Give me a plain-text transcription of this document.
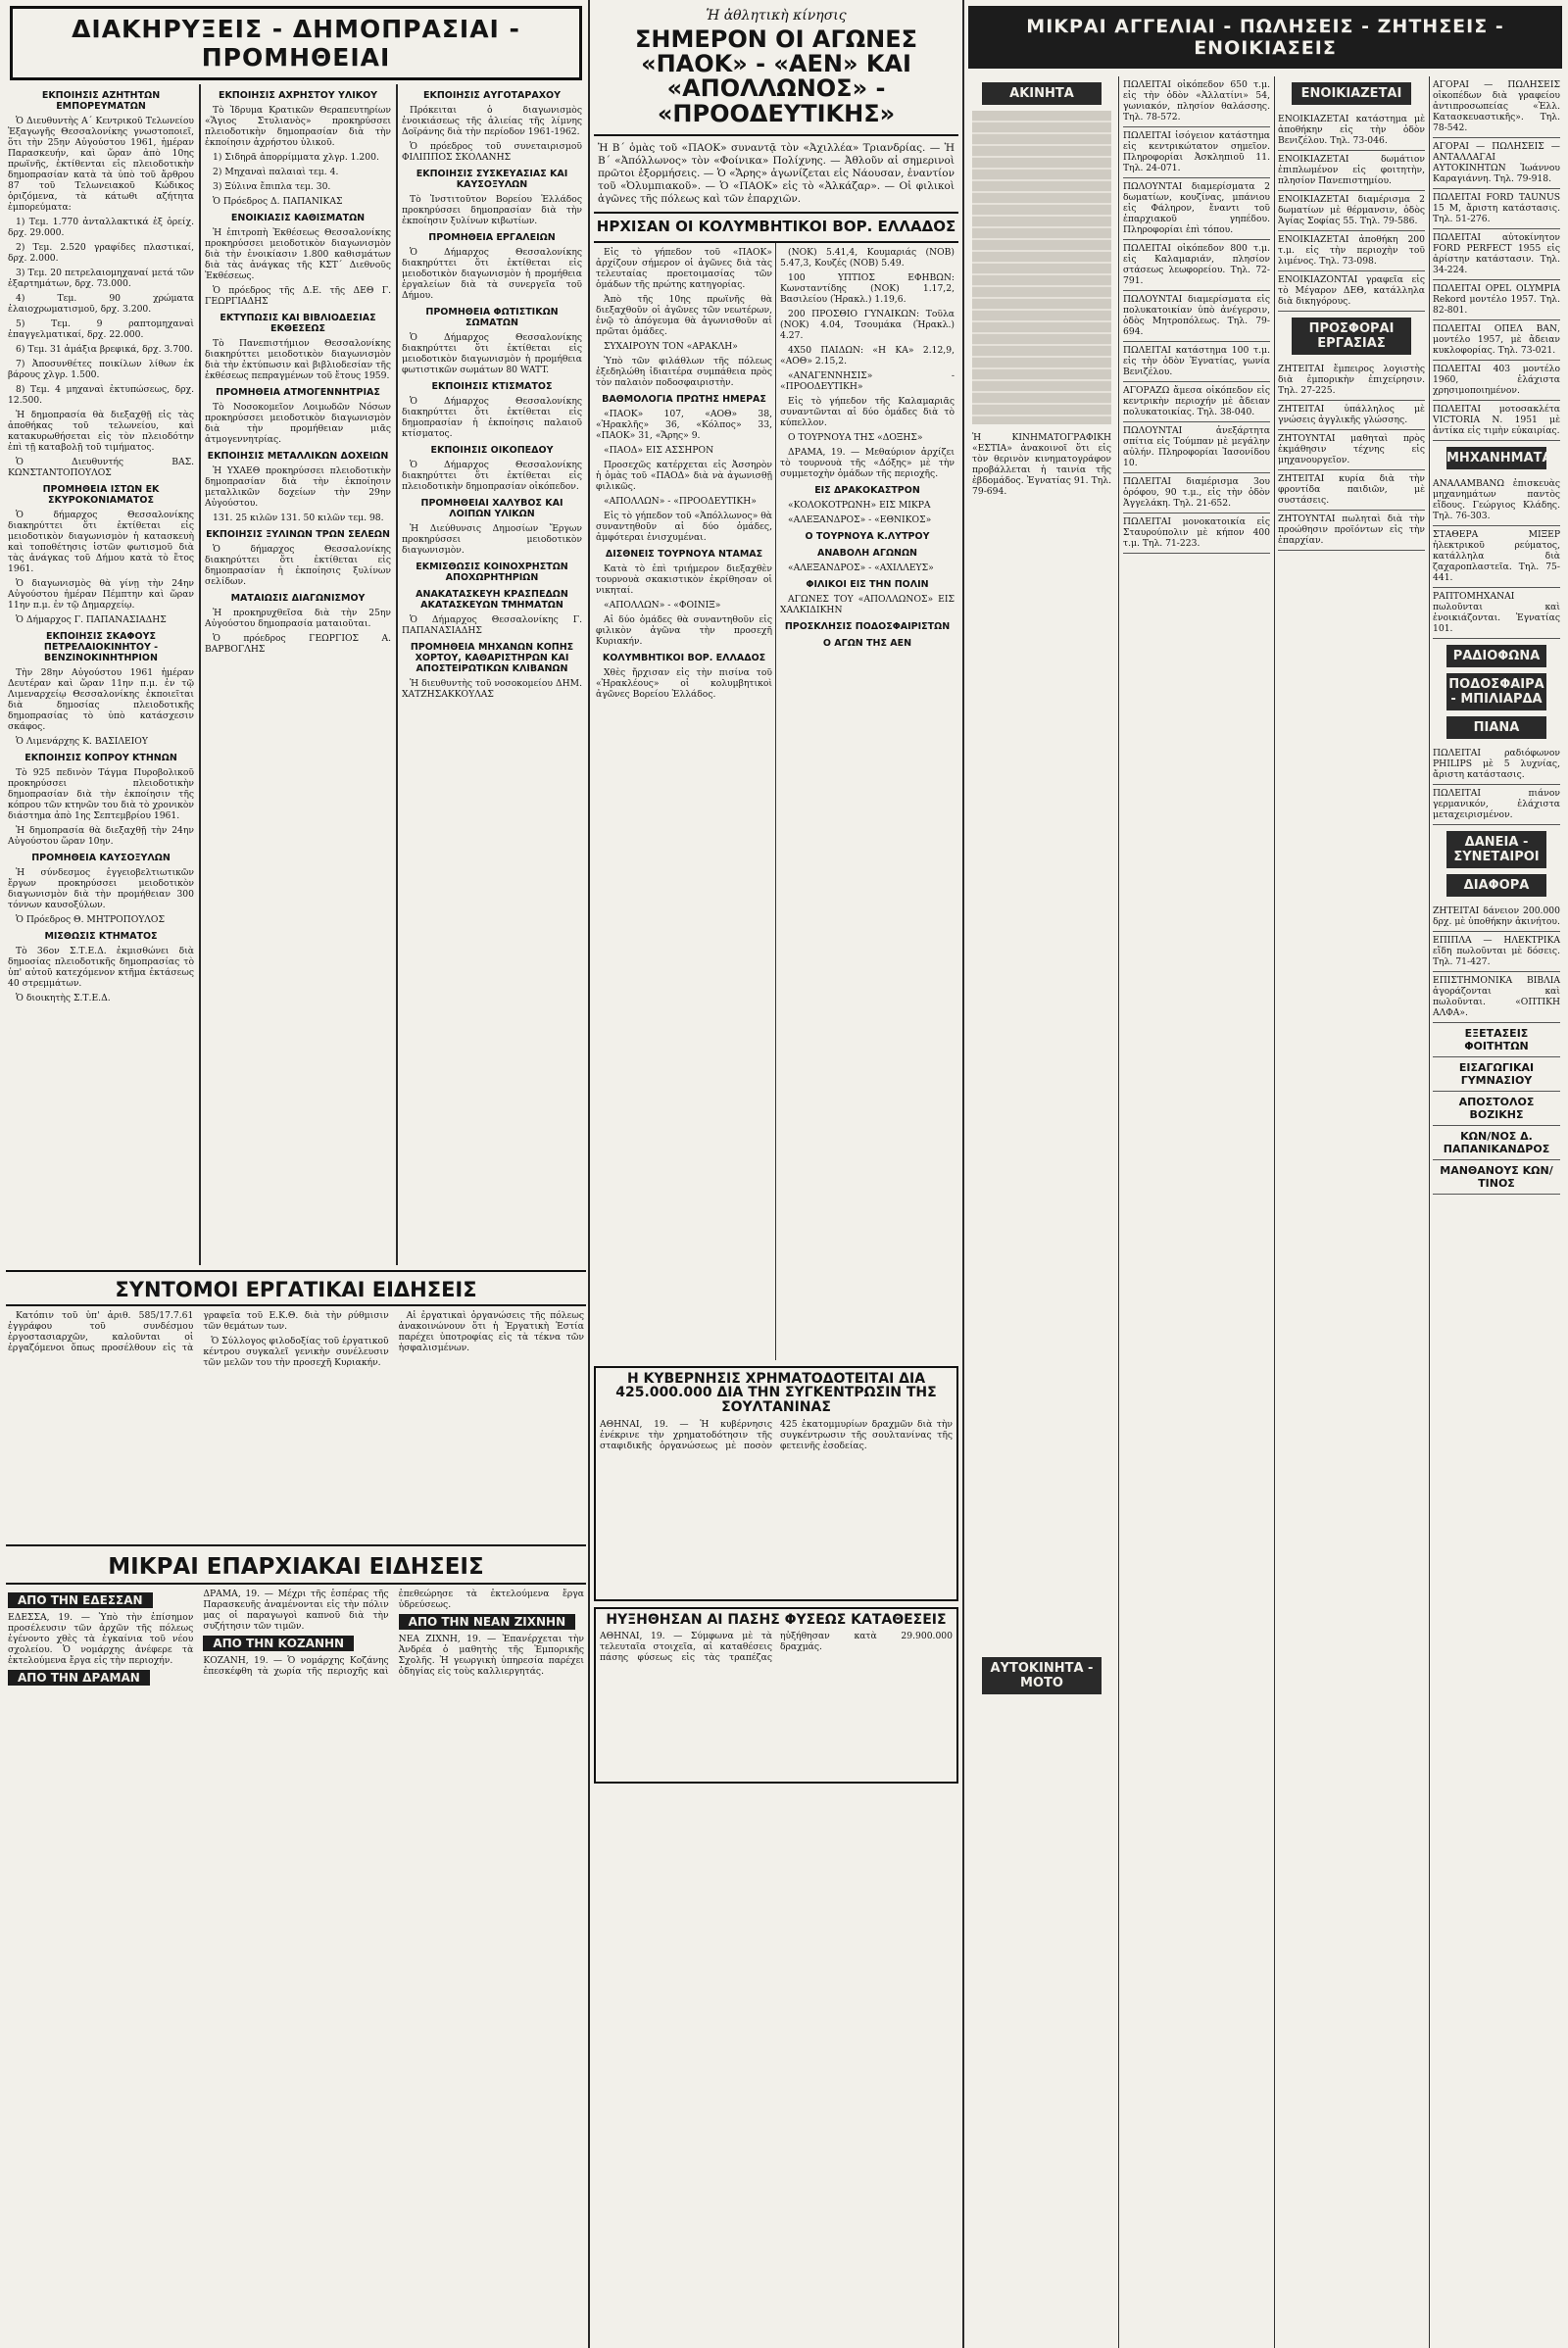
ΔΙΑΚΗΡΥΞΕΙΣ - ΔΗΜΟΠΡΑΣΙΑΙ - ΠΡΟΜΗΘΕΙΑΙ

ΕΚΠΟΙΗΣΙΣ ΑΖΗΤΗΤΩΝ ΕΜΠΟΡΕΥΜΑΤΩΝ

Ὁ Διευθυντὴς Α΄ Κεντρικοῦ Τελωνείου Ἐξαγωγῆς Θεσσαλονίκης γνωστοποιεῖ, ὅτι τὴν 25ην Αὐγούστου 1961, ἡμέραν Παρασκευήν, καὶ ὥραν ἀπὸ 10ης πρωϊνῆς, ἐκτίθενται εἰς πλειοδοτικὴν δημοπρασίαν κατὰ τὰ ὑπὸ τοῦ ἄρθρου 87 τοῦ Τελωνειακοῦ Κώδικος ὁριζόμενα, τὰ κάτωθι αζήτητα ἐμπορεύματα:

1) Τεμ. 1.770 ἀνταλλακτικά ἐξ ὀρείχ. δρχ. 29.000.

2) Τεμ. 2.520 γραφίδες πλαστικαί, δρχ. 2.000.

3) Τεμ. 20 πετρελαιομηχαναί μετά τῶν ἐξαρτημάτων, δρχ. 73.000.

4) Τεμ. 90 χρώματα ἐλαιοχρωματισμοῦ, δρχ. 3.200.

5) Τεμ. 9 ραπτομηχαναὶ ἐπαγγελματικαί, δρχ. 22.000.

6) Τεμ. 31 ἀμάξια βρεφικά, δρχ. 3.700.

7) Ἀποσυνθέτες ποικίλων λίθων ἐκ βάρους χλγρ. 1.500.

8) Τεμ. 4 μηχαναὶ ἐκτυπώσεως, δρχ. 12.500.

Ἡ δημοπρασία θὰ διεξαχθῇ εἰς τὰς ἀποθήκας τοῦ τελωνείου, καὶ κατακυρωθήσεται εἰς τὸν πλειοδότην ἐπὶ τῇ καταβολῇ τοῦ τιμήματος.

Ὁ Διευθυντής ΒΑΣ. ΚΩΝΣΤΑΝΤΟΠΟΥΛΟΣ

ΠΡΟΜΗΘΕΙΑ ΙΣΤΩΝ ΕΚ ΣΚΥΡΟΚΟΝΙΑΜΑΤΟΣ

Ὁ δήμαρχος Θεσσαλονίκης διακηρύττει ὅτι ἐκτίθεται εἰς μειοδοτικὸν διαγωνισμὸν ἡ κατασκευὴ καὶ τοποθέτησις ἱστῶν φωτισμοῦ διὰ τὰς ἀνάγκας τοῦ Δήμου κατὰ τὸ ἔτος 1961.

Ὁ διαγωνισμὸς θὰ γίνῃ τὴν 24ην Αὐγούστου ἡμέραν Πέμπτην καὶ ὥραν 11ην π.μ. ἐν τῷ Δημαρχείῳ.

Ὁ Δήμαρχος Γ. ΠΑΠΑΝΑΣΙΑΔΗΣ

ΕΚΠΟΙΗΣΙΣ ΣΚΑΦΟΥΣ ΠΕΤΡΕΛΑΙΟΚΙΝΗΤΟΥ - ΒΕΝΖΙΝΟΚΙΝΗΤΗΡΙΟΝ

Τὴν 28ην Αὐγούστου 1961 ἡμέραν Δευτέραν καὶ ὥραν 11ην π.μ. ἐν τῷ Λιμεναρχείῳ Θεσσαλονίκης ἐκποιεῖται διὰ δημοσίας πλειοδοτικῆς δημοπρασίας τὸ ὑπὸ κατάσχεσιν σκάφος.

Ὁ Λιμενάρχης Κ. ΒΑΣΙΛΕΙΟΥ

ΕΚΠΟΙΗΣΙΣ ΚΟΠΡΟΥ ΚΤΗΝΩΝ

Τὸ 925 πεδινὸν Τάγμα Πυροβολικοῦ προκηρύσσει πλειοδοτικὴν δημοπρασίαν διὰ τὴν ἐκποίησιν τῆς κόπρου τῶν κτηνῶν του διὰ τὸ χρονικὸν διάστημα ἀπὸ 1ης Σεπτεμβρίου 1961.

Ἡ δημοπρασία θὰ διεξαχθῇ τὴν 24ην Αὐγούστου ὥραν 10ην.

ΠΡΟΜΗΘΕΙΑ ΚΑΥΣΟΞΥΛΩΝ

Ἡ σύνδεσμος ἑγγειοβελτιωτικῶν ἔργων προκηρύσσει μειοδοτικὸν διαγωνισμὸν διὰ τὴν προμήθειαν 300 τόννων καυσοξύλων.

Ὁ Πρόεδρος Θ. ΜΗΤΡΟΠΟΥΛΟΣ

ΜΙΣΘΩΣΙΣ ΚΤΗΜΑΤΟΣ

Τὸ 36ον Σ.Τ.Ε.Δ. ἐκμισθώνει διὰ δημοσίας πλειοδοτικῆς δημοπρασίας τὸ ὑπ' αὐτοῦ κατεχόμενον κτῆμα ἐκτάσεως 40 στρεμμάτων.

Ὁ διοικητὴς Σ.Τ.Ε.Δ.

ΕΚΠΟΙΗΣΙΣ ΑΧΡΗΣΤΟΥ ΥΛΙΚΟΥ

Τὸ Ἰδρυμα Κρατικῶν Θεραπευτηρίων «Ἅγιος Στυλιανὸς» προκηρύσσει πλειοδοτικὴν δημοπρασίαν διὰ τὴν ἐκποίησιν ἀχρήστου ὑλικοῦ.

1) Σιδηρᾶ ἀπορρίμματα χλγρ. 1.200.

2) Μηχαναὶ παλαιαὶ τεμ. 4.

3) Ξύλινα ἔπιπλα τεμ. 30.

Ὁ Πρόεδρος Δ. ΠΑΠΑΝΙΚΑΣ

ΕΝΟΙΚΙΑΣΙΣ ΚΑΘΙΣΜΑΤΩΝ

Ἡ ἐπιτροπὴ Ἐκθέσεως Θεσσαλονίκης προκηρύσσει μειοδοτικὸν διαγωνισμὸν διὰ τὴν ἐνοικίασιν 1.800 καθισμάτων διὰ τὰς ἀνάγκας τῆς ΚΣΤ΄ Διεθνοῦς Ἐκθέσεως.

Ὁ πρόεδρος τῆς Δ.Ε. τῆς ΔΕΘ Γ. ΓΕΩΡΓΙΑΔΗΣ

ΕΚΤΥΠΩΣΙΣ ΚΑΙ ΒΙΒΛΙΟΔΕΣΙΑΣ ΕΚΘΕΣΕΩΣ

Τὸ Πανεπιστήμιον Θεσσαλονίκης διακηρύττει μειοδοτικὸν διαγωνισμὸν διὰ τὴν ἐκτύπωσιν καὶ βιβλιοδεσίαν τῆς ἐκθέσεως πεπραγμένων τοῦ ἔτους 1959.

ΠΡΟΜΗΘΕΙΑ ΑΤΜΟΓΕΝΝΗΤΡΙΑΣ

Τὸ Νοσοκομεῖον Λοιμωδῶν Νόσων προκηρύσσει μειοδοτικὸν διαγωνισμὸν διὰ τὴν προμήθειαν μιᾶς ἀτμογεννητρίας.

ΕΚΠΟΙΗΣΙΣ ΜΕΤΑΛΛΙΚΩΝ ΔΟΧΕΙΩΝ

Ἡ ΥΧΑΕΘ προκηρύσσει πλειοδοτικὴν δημοπρασίαν διὰ τὴν ἐκποίησιν μεταλλικῶν δοχείων τὴν 29ην Αὐγούστου.

131. 25 κιλῶν 131. 50 κιλῶν τεμ. 98.

ΕΚΠΟΙΗΣΙΣ ΞΥΛΙΝΩΝ ΤΡΩΝ ΣΕΛΕΩΝ

Ὁ δήμαρχος Θεσσαλονίκης διακηρύττει ὅτι ἐκτίθεται εἰς δημοπρασίαν ἡ ἐκποίησις ξυλίνων σελίδων.

ΜΑΤΑΙΩΣΙΣ ΔΙΑΓΩΝΙΣΜΟΥ

Ἡ προκηρυχθεῖσα διὰ τὴν 25ην Αὐγούστου δημοπρασία ματαιοῦται.

Ὁ πρόεδρος ΓΕΩΡΓΙΟΣ Α. ΒΑΡΒΟΓΛΗΣ

ΕΚΠΟΙΗΣΙΣ ΑΥΓΟΤΑΡΑΧΟΥ

Πρόκειται ὁ διαγωνισμὸς ἐνοικιάσεως τῆς ἀλιείας τῆς λίμνης Δοϊράνης διὰ τὴν περίοδον 1961-1962.

Ὁ πρόεδρος τοῦ συνεταιρισμοῦ ΦΙΛΙΠΠΟΣ ΣΚΟΛΑΝΗΣ

ΕΚΠΟΙΗΣΙΣ ΣΥΣΚΕΥΑΣΙΑΣ ΚΑΙ ΚΑΥΣΟΞΥΛΩΝ

Τὸ Ἰνστιτοῦτον Βορείου Ἑλλάδος προκηρύσσει δημοπρασίαν διὰ τὴν ἐκποίησιν ξυλίνων κιβωτίων.

ΠΡΟΜΗΘΕΙΑ ΕΡΓΑΛΕΙΩΝ

Ὁ Δήμαρχος Θεσσαλονίκης διακηρύττει ὅτι ἐκτίθεται εἰς μειοδοτικὸν διαγωνισμὸν ἡ προμήθεια ἐργαλείων διὰ τὰ συνεργεῖα τοῦ Δήμου.

ΠΡΟΜΗΘΕΙΑ ΦΩΤΙΣΤΙΚΩΝ ΣΩΜΑΤΩΝ

Ὁ Δήμαρχος Θεσσαλονίκης διακηρύττει ὅτι ἐκτίθεται εἰς μειοδοτικὸν διαγωνισμὸν ἡ προμήθεια φωτιστικῶν σωμάτων 80 WATT.

ΕΚΠΟΙΗΣΙΣ ΚΤΙΣΜΑΤΟΣ

Ὁ Δήμαρχος Θεσσαλονίκης διακηρύττει ὅτι ἐκτίθεται εἰς δημοπρασίαν ἡ ἐκποίησις παλαιοῦ κτίσματος.

ΕΚΠΟΙΗΣΙΣ ΟΙΚΟΠΕΔΟΥ

Ὁ Δήμαρχος Θεσσαλονίκης διακηρύττει ὅτι ἐκτίθεται εἰς πλειοδοτικὴν δημοπρασίαν οἰκόπεδον.

ΠΡΟΜΗΘΕΙΑΙ ΧΑΛΥΒΟΣ ΚΑΙ ΛΟΙΠΩΝ ΥΛΙΚΩΝ

Ἡ Διεύθυνσις Δημοσίων Ἔργων προκηρύσσει μειοδοτικὸν διαγωνισμὸν.

ΕΚΜΙΣΘΩΣΙΣ ΚΟΙΝΟΧΡΗΣΤΩΝ ΑΠΟΧΩΡΗΤΗΡΙΩΝ

ΑΝΑΚΑΤΑΣΚΕΥΗ ΚΡΑΣΠΕΔΩΝ ΑΚΑΤΑΣΚΕΥΩΝ ΤΜΗΜΑΤΩΝ

Ὁ Δήμαρχος Θεσσαλονίκης Γ. ΠΑΠΑΝΑΣΙΑΔΗΣ

ΠΡΟΜΗΘΕΙΑ ΜΗΧΑΝΩΝ ΚΟΠΗΣ ΧΟΡΤΟΥ, ΚΑΘΑΡΙΣΤΗΡΩΝ ΚΑΙ ΑΠΟΣΤΕΙΡΩΤΙΚΩΝ ΚΛΙΒΑΝΩΝ

Ἡ διευθυντὴς τοῦ νοσοκομείου ΔΗΜ. ΧΑΤΖΗΣΑΚΚΟΥΛΑΣ

ΣΥΝΤΟΜΟΙ ΕΡΓΑΤΙΚΑΙ ΕΙΔΗΣΕΙΣ

Κατόπιν τοῦ ὑπ' ἀριθ. 585/17.7.61 ἐγγράφου τοῦ συνδέσμου ἐργοστασιαρχῶν, καλοῦνται οἱ ἐργαζόμενοι ὅπως προσέλθουν εἰς τὰ γραφεῖα τοῦ Ε.Κ.Θ. διὰ τὴν ρύθμισιν τῶν θεμάτων των.

Ὁ Σύλλογος φιλοδοξίας τοῦ ἐργατικοῦ κέντρου συγκαλεῖ γενικὴν συνέλευσιν τῶν μελῶν του τὴν προσεχῆ Κυριακήν.

Αἱ ἐργατικαὶ ὀργανώσεις τῆς πόλεως ἀνακοινώνουν ὅτι ἡ Ἐργατικὴ Ἑστία παρέχει ὑποτροφίας εἰς τὰ τέκνα τῶν ἠσφαλισμένων.

ΜΙΚΡΑΙ ΕΠΑΡΧΙΑΚΑΙ ΕΙΔΗΣΕΙΣ
ΑΠΟ ΤΗΝ ΕΔΕΣΣΑΝ
ΕΔΕΣΣΑ, 19. — Ὑπὸ τὴν ἐπίσημον προσέλευσιν τῶν ἀρχῶν τῆς πόλεως ἐγένοντο χθὲς τὰ ἐγκαίνια τοῦ νέου σχολείου. Ὁ νομάρχης ἀνέφερε τὰ ἐκτελούμενα ἔργα εἰς τὴν περιοχήν.
ΑΠΟ ΤΗΝ ΔΡΑΜΑΝ
ΔΡΑΜΑ, 19. — Μέχρι τῆς ἑσπέρας τῆς Παρασκευῆς ἀναμένονται εἰς τὴν πόλιν μας οἱ παραγωγοὶ καπνοῦ διὰ τὴν συζήτησιν τῶν τιμῶν.
ΑΠΟ ΤΗΝ ΚΟΖΑΝΗΝ
ΚΟΖΑΝΗ, 19. — Ὁ νομάρχης Κοζάνης ἐπεσκέφθη τὰ χωρία τῆς περιοχῆς καὶ ἐπεθεώρησε τὰ ἐκτελούμενα ἔργα ὑδρεύσεως.
ΑΠΟ ΤΗΝ ΝΕΑΝ ΖΙΧΝΗΝ
ΝΕΑ ΖΙΧΝΗ, 19. — Ἐπανέρχεται τὴν Ἀνδρέα ὁ μαθητὴς τῆς Ἐμπορικῆς Σχολῆς. Ἡ γεωργικὴ ὑπηρεσία παρέχει ὁδηγίας εἰς τοὺς καλλιεργητάς.
Ἡ ἀθλητικὴ κίνησις
ΣΗΜΕΡΟΝ ΟΙ ΑΓΩΝΕΣ «ΠΑΟΚ» - «ΑΕΝ» ΚΑΙ «ΑΠΟΛΛΩΝΟΣ» - «ΠΡΟΟΔΕΥΤΙΚΗΣ»
Ἡ Β΄ ὁμὰς τοῦ «ΠΑΟΚ» συναντᾷ τὸν «Ἀχιλλέα» Τριανδρίας. — Ἡ Β΄ «Ἀπόλλωνος» τὸν «Φοίνικα» Πολίχνης. — Ἀθλοῦν αἱ σημερινοὶ πρῶτοι ἐξορμήσεις. — Ὁ «Ἄρης» ἀγωνίζεται εἰς Νάουσαν, ἐναντίον τοῦ «Ὀλυμπιακοῦ». — Ὁ «ΠΑΟΚ» εἰς τὸ «Ἀλκάζαρ». — Οἱ φιλικοὶ ἀγῶνες τῆς πόλεως καὶ τῶν ἐπαρχιῶν.
ΗΡΧΙΣΑΝ ΟΙ ΚΟΛΥΜΒΗΤΙΚΟΙ ΒΟΡ. ΕΛΛΑΔΟΣ

Εἰς τὸ γήπεδον τοῦ «ΠΑΟΚ» ἀρχίζουν σήμερον οἱ ἀγῶνες διὰ τὰς τελευταίας προετοιμασίας τῶν ὁμάδων τῆς πρώτης κατηγορίας.

Ἀπὸ τῆς 10ης πρωϊνῆς θὰ διεξαχθοῦν οἱ ἀγῶνες τῶν νεωτέρων, ἐνῷ τὸ ἀπόγευμα θὰ ἀγωνισθοῦν αἱ πρῶται ὁμάδες.

ΣΥΧΑΙΡΟΥΝ ΤΟΝ «ΑΡΑΚΛΗ»

Ὑπὸ τῶν φιλάθλων τῆς πόλεως ἐξεδηλώθη ἰδιαιτέρα συμπάθεια πρὸς τὸν παλαιὸν ποδοσφαιριστὴν.

ΒΑΘΜΟΛΟΓΙΑ ΠΡΩΤΗΣ ΗΜΕΡΑΣ

«ΠΑΟΚ» 107, «ΑΟΘ» 38, «Ἡρακλῆς» 36, «Κόλπος» 33, «ΠΑΟΚ» 31, «Ἄρης» 9.

«ΠΑΟΔ» ΕΙΣ ΑΣΣΗΡΟΝ

Προσεχῶς κατέρχεται εἰς Ἀσσηρὸν ἡ ὁμὰς τοῦ «ΠΑΟΔ» διὰ νὰ ἀγωνισθῇ φιλικῶς.

«ΑΠΟΛΛΩΝ» - «ΠΡΟΟΔΕΥΤΙΚΗ»

Εἰς τὸ γήπεδον τοῦ «Ἀπόλλωνος» θὰ συναντηθοῦν αἱ δύο ὁμάδες, ἀμφότεραι ἐνισχυμέναι.

ΔΙΣΘΝΕΙΣ ΤΟΥΡΝΟΥΑ ΝΤΑΜΑΣ

Κατὰ τὸ ἐπὶ τριήμερον διεξαχθὲν τουρνουὰ σκακιστικὸν ἐκρίθησαν οἱ νικηταί.

«ΑΠΟΛΛΩΝ» - «ΦΟΙΝΙΞ»

Αἱ δύο ὁμάδες θὰ συναντηθοῦν εἰς φιλικὸν ἀγῶνα τὴν προσεχῆ Κυριακήν.

ΚΟΛΥΜΒΗΤΙΚΟΙ ΒΟΡ. ΕΛΛΑΔΟΣ

Χθὲς ἤρχισαν εἰς τὴν πισίνα τοῦ «Ἡρακλέους» οἱ κολυμβητικοὶ ἀγῶνες Βορείου Ἑλλάδος.

(ΝΟΚ) 5.41,4, Κουμαριάς (ΝΟΒ) 5.47,3, Κουζές (ΝΟΒ) 5.49.

100 ΥΠΤΙΟΣ ΕΦΗΒΩΝ: Κωνσταντίδης (ΝΟΚ) 1.17,2, Βασιλείου (Ἡρακλ.) 1.19,6.

200 ΠΡΟΣΘΙΟ ΓΥΝΑΙΚΩΝ: Τοῦλα (ΝΟΚ) 4.04, Τσουμάκα (Ἡρακλ.) 4.27.

4Χ50 ΠΑΙΔΩΝ: «Η ΚΑ» 2.12,9, «ΑΟΘ» 2.15,2.

«ΑΝΑΓΕΝΝΗΣΙΣ» - «ΠΡΟΟΔΕΥΤΙΚΗ»

Εἰς τὸ γήπεδον τῆς Καλαμαριᾶς συναντῶνται αἱ δύο ὁμάδες διὰ τὸ κύπελλον.

Ο ΤΟΥΡΝΟΥΑ ΤΗΣ «ΔΟΞΗΣ»

ΔΡΑΜΑ, 19. — Μεθαύριον ἀρχίζει τὸ τουρνουὰ τῆς «Δόξης» μὲ τὴν συμμετοχὴν ὁμάδων τῆς περιοχῆς.

ΕΙΣ ΔΡΑΚΟΚΑΣΤΡΟΝ

«ΚΟΛΟΚΟΤΡΩΝΗ» ΕΙΣ ΜΙΚΡΑ

«ΑΛΕΞΑΝΔΡΟΣ» - «ΕΘΝΙΚΟΣ»

Ο ΤΟΥΡΝΟΥΑ Κ.ΛΥΤΡΟΥ

ΑΝΑΒΟΛΗ ΑΓΩΝΩΝ

«ΑΛΕΞΑΝΔΡΟΣ» - «ΑΧΙΛΛΕΥΣ»

ΦΙΛΙΚΟΙ ΕΙΣ ΤΗΝ ΠΟΛΙΝ

ΑΓΩΝΕΣ ΤΟΥ «ΑΠΟΛΛΩΝΟΣ» ΕΙΣ ΧΑΛΚΙΔΙΚΗΝ

ΠΡΟΣΚΛΗΣΙΣ ΠΟΔΟΣΦΑΙΡΙΣΤΩΝ

Ο ΑΓΩΝ ΤΗΣ ΑΕΝ

Η ΚΥΒΕΡΝΗΣΙΣ ΧΡΗΜΑΤΟΔΟΤΕΙΤΑΙ ΔΙΑ 425.000.000 ΔΙΑ ΤΗΝ ΣΥΓΚΕΝΤΡΩΣΙΝ ΤΗΣ ΣΟΥΛΤΑΝΙΝΑΣ
ΑΘΗΝΑΙ, 19. — Ἡ κυβέρνησις ἐνέκρινε τὴν χρηματοδότησιν τῆς σταφιδικῆς ὀργανώσεως μὲ ποσὸν 425 ἑκατομμυρίων δραχμῶν διὰ τὴν συγκέντρωσιν τῆς σουλτανίνας τῆς φετεινῆς ἐσοδείας.
ΗΥΞΗΘΗΣΑΝ ΑΙ ΠΑΣΗΣ ΦΥΣΕΩΣ ΚΑΤΑΘΕΣΕΙΣ
ΑΘΗΝΑΙ, 19. — Σύμφωνα μὲ τὰ τελευταῖα στοιχεῖα, αἱ καταθέσεις πάσης φύσεως εἰς τὰς τραπέζας ηὐξήθησαν κατὰ 29.900.000 δραχμάς.
ΜΙΚΡΑΙ ΑΓΓΕΛΙΑΙ - ΠΩΛΗΣΕΙΣ - ΖΗΤΗΣΕΙΣ - ΕΝΟΙΚΙΑΣΕΙΣ
ΑΚΙΝΗΤΑ
Ἡ ΚΙΝΗΜΑΤΟΓΡΑΦΙΚΗ «ΕΣΤΙΑ» ἀνακοινοῖ ὅτι εἰς τὸν θερινὸν κινηματογράφον προβάλλεται ἡ ταινία τῆς ἑβδομάδος. Ἐγνατίας 91. Τηλ. 79-694.
ΑΥΤΟΚΙΝΗΤΑ - ΜΟΤΟ
ΠΩΛΕΙΤΑΙ οἰκόπεδον 650 τ.μ. εἰς τὴν ὁδὸν «Ἀλλατίνι» 54, γωνιακόν, πλησίον θαλάσσης. Τηλ. 78-572.
ΠΩΛΕΙΤΑΙ ἰσόγειον κατάστημα εἰς κεντρικώτατον σημεῖον. Πληροφορίαι Ἀσκληπιοῦ 11. Τηλ. 24-071.
ΠΩΛΟΥΝΤΑΙ διαμερίσματα 2 δωματίων, κουζίνας, μπάνιου εἰς Φάληρον, ἔναντι τοῦ ἐπαρχιακοῦ γηπέδου. Πληροφορίαι ἐπὶ τόπου.
ΠΩΛΕΙΤΑΙ οἰκόπεδον 800 τ.μ. εἰς Καλαμαριάν, πλησίον στάσεως λεωφορείου. Τηλ. 72-791.
ΠΩΛΟΥΝΤΑΙ διαμερίσματα εἰς πολυκατοικίαν ὑπὸ ἀνέγερσιν, ὁδὸς Μητροπόλεως. Τηλ. 79-694.
ΠΩΛΕΙΤΑΙ κατάστημα 100 τ.μ. εἰς τὴν ὁδὸν Ἐγνατίας, γωνία Βενιζέλου.
ΑΓΟΡΑΖΩ ἄμεσα οἰκόπεδον εἰς κεντρικὴν περιοχήν μὲ ἄδειαν πολυκατοικίας. Τηλ. 38-040.
ΠΩΛΟΥΝΤΑΙ ἀνεξάρτητα σπίτια εἰς Τούμπαν μὲ μεγάλην αὐλήν. Πληροφορίαι Ἰασονίδου 10.
ΠΩΛΕΙΤΑΙ διαμέρισμα 3ου ὀρόφου, 90 τ.μ., εἰς τὴν ὁδὸν Ἀγγελάκη. Τηλ. 21-652.
ΠΩΛΕΙΤΑΙ μονοκατοικία εἰς Σταυρούπολιν μὲ κήπον 400 τ.μ. Τηλ. 71-223.
ΕΝΟΙΚΙΑΖΕΤΑΙ
ΕΝΟΙΚΙΑΖΕΤΑΙ κατάστημα μὲ ἀποθήκην εἰς τὴν ὁδὸν Βενιζέλου. Τηλ. 73-046.
ΕΝΟΙΚΙΑΖΕΤΑΙ δωμάτιον ἐπιπλωμένον εἰς φοιτητὴν, πλησίον Πανεπιστημίου.
ΕΝΟΙΚΙΑΖΕΤΑΙ διαμέρισμα 2 δωματίων μὲ θέρμανσιν, ὁδὸς Ἀγίας Σοφίας 55. Τηλ. 79-586.
ΕΝΟΙΚΙΑΖΕΤΑΙ ἀποθήκη 200 τ.μ. εἰς τὴν περιοχὴν τοῦ λιμένος. Τηλ. 73-098.
ΕΝΟΙΚΙΑΖΟΝΤΑΙ γραφεῖα εἰς τὸ Μέγαρον ΔΕΘ, κατάλληλα διὰ δικηγόρους.
ΠΡΟΣΦΟΡΑΙ ΕΡΓΑΣΙΑΣ
ΖΗΤΕΙΤΑΙ ἔμπειρος λογιστὴς διὰ ἐμπορικὴν ἐπιχείρησιν. Τηλ. 27-225.
ΖΗΤΕΙΤΑΙ ὑπάλληλος μὲ γνώσεις ἀγγλικῆς γλώσσης.
ΖΗΤΟΥΝΤΑΙ μαθηταὶ πρὸς ἐκμάθησιν τέχνης εἰς μηχανουργεῖον.
ΖΗΤΕΙΤΑΙ κυρία διὰ τὴν φροντίδα παιδιῶν, μὲ συστάσεις.
ΖΗΤΟΥΝΤΑΙ πωληταὶ διὰ τὴν προώθησιν προϊόντων εἰς τὴν ἐπαρχίαν.
ΑΓΟΡΑΙ — ΠΩΛΗΣΕΙΣ οἰκοπέδων διὰ γραφείου ἀντιπροσωπείας «Ἑλλ. Κατασκευαστικῆς». Τηλ. 78-542.
ΑΓΟΡΑΙ — ΠΩΛΗΣΕΙΣ — ΑΝΤΑΛΛΑΓΑΙ ΑΥΤΟΚΙΝΗΤΩΝ Ἰωάννου Καραγιάννη. Τηλ. 79-918.
ΠΩΛΕΙΤΑΙ FORD TAUNUS 15 Μ, ἄριστη κατάστασις. Τηλ. 51-276.
ΠΩΛΕΙΤΑΙ αὐτοκίνητον FORD PERFECT 1955 εἰς ἀρίστην κατάστασιν. Τηλ. 34-224.
ΠΩΛΕΙΤΑΙ OPEL OLYMPIA Rekord μοντέλο 1957. Τηλ. 82-801.
ΠΩΛΕΙΤΑΙ ΟΠΕΛ ΒΑΝ, μοντέλο 1957, μὲ ἄδειαν κυκλοφορίας. Τηλ. 73-021.
ΠΩΛΕΙΤΑΙ 403 μοντέλο 1960, ἐλάχιστα χρησιμοποιημένον.
ΠΩΛΕΙΤΑΙ μοτοσακλέτα VICTORIA Ν. 1951 μὲ ἀντίκα εἰς τιμὴν εὐκαιρίας.
ΜΗΧΑΝΗΜΑΤΑ
ΑΝΑΛΑΜΒΑΝΩ ἐπισκευὰς μηχανημάτων παντὸς εἴδους. Γεώργιος Κλάδης. Τηλ. 76-303.
ΣΤΑΘΕΡΑ ΜΙΞΕΡ ἠλεκτρικοῦ ρεύματος, κατάλληλα διὰ ζαχαροπλαστεῖα. Τηλ. 75-441.
ΡΑΠΤΟΜΗΧΑΝΑΙ πωλοῦνται καὶ ἐνοικιάζονται. Ἐγνατίας 101.
ΡΑΔΙΟΦΩΝΑ
ΠΟΔΟΣΦΑΙΡΑ - ΜΠΙΛΙΑΡΔΑ
ΠΙΑΝΑ
ΠΩΛΕΙΤΑΙ ραδιόφωνον PHILIPS μὲ 5 λυχνίας, ἄριστη κατάστασις.
ΠΩΛΕΙΤΑΙ πιάνον γερμανικόν, ἐλάχιστα μεταχειρισμένον.
ΔΑΝΕΙΑ - ΣΥΝΕΤΑΙΡΟΙ
ΔΙΑΦΟΡΑ
ΖΗΤΕΙΤΑΙ δάνειον 200.000 δρχ. μὲ ὑποθήκην ἀκινήτου.
ΕΠΙΠΛΑ — ΗΛΕΚΤΡΙΚΑ εἴδη πωλοῦνται μὲ δόσεις. Τηλ. 71-427.
ΕΠΙΣΤΗΜΟΝΙΚΑ ΒΙΒΛΙΑ ἀγοράζονται καὶ πωλοῦνται. «ΟΠΤΙΚΗ ΑΛΦΑ».
ΕΞΕΤΑΣΕΙΣ ΦΟΙΤΗΤΩΝ
ΕΙΣΑΓΩΓΙΚΑΙ ΓΥΜΝΑΣΙΟΥ
ΑΠΟΣΤΟΛΟΣ ΒΟΖΙΚΗΣ
ΚΩΝ/ΝΟΣ Δ. ΠΑΠΑΝΙΚΑΝΔΡΟΣ
ΜΑΝΘΑΝΟΥΣ ΚΩΝ/ΤΙΝΟΣ
